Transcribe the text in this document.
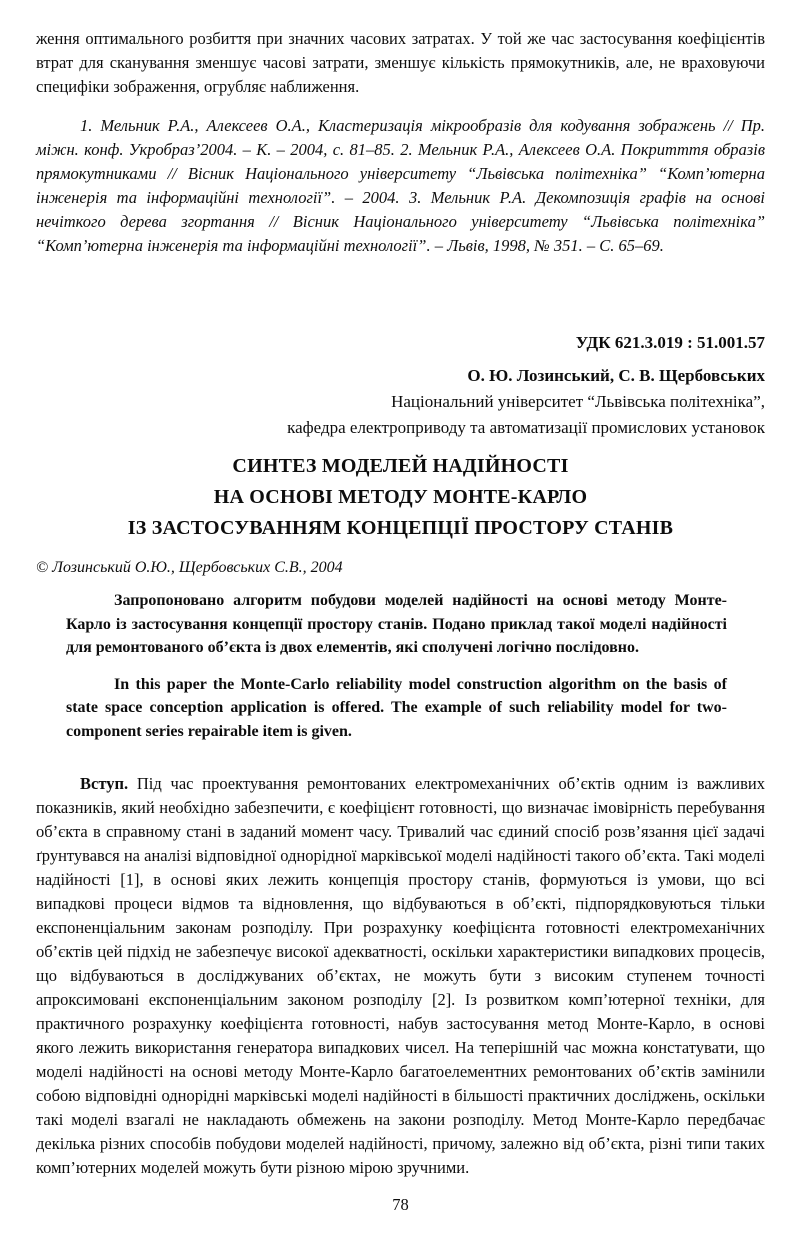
ження оптимального розбиття при значних часових затратах. У той же час застосування коефіцієнтів втрат для сканування зменшує часові затрати, зменшує кількість прямокутників, але, не враховуючи специфіки зображення, огрубляє наближення.

1. Мельник Р.А., Алексеев О.А., Кластеризація мікрообразів для кодування зображень // Пр. міжн. конф. Укробраз’2004. – К. – 2004, с. 81–85. 2. Мельник Р.А., Алексеев О.А. Покритття образів прямокутниками // Вісник Національного університету “Львівська політехніка” “Комп’ютерна інженерія та інформаційні технології”. – 2004. 3. Мельник Р.А. Декомпозиція графів на основі нечіткого дерева згортання // Вісник Національного університету “Львівська політехніка” “Комп’ютерна інженерія та інформаційні технології”. – Львів, 1998, № 351. – С. 65–69.

УДК 621.3.019 : 51.001.57
О. Ю. Лозинський, С. В. Щербовських
Національний університет “Львівська політехніка”,
кафедра електроприводу та автоматизації промислових установок
СИНТЕЗ МОДЕЛЕЙ НАДІЙНОСТІ
НА ОСНОВІ МЕТОДУ МОНТЕ-КАРЛО
ІЗ ЗАСТОСУВАННЯМ КОНЦЕПЦІЇ ПРОСТОРУ СТАНІВ

© Лозинський О.Ю., Щербовських С.В., 2004

Запропоновано алгоритм побудови моделей надійності на основі методу Монте-Карло із застосування концепції простору станів. Подано приклад такої моделі надійності для ремонтованого об’єкта із двох елементів, які сполучені логічно послідовно.

In this paper the Monte-Carlo reliability model construction algorithm on the basis of state space conception application is offered. The example of such reliability model for two-component series repairable item is given.

Вступ. Під час проектування ремонтованих електромеханічних об’єктів одним із важливих показників, який необхідно забезпечити, є коефіцієнт готовності, що визначає імовірність перебування об’єкта в справному стані в заданий момент часу. Тривалий час єдиний спосіб розв’язання цієї задачі ґрунтувався на аналізі відповідної однорідної марківської моделі надійності такого об’єкта. Такі моделі надійності [1], в основі яких лежить концепція простору станів, формуються із умови, що всі випадкові процеси відмов та відновлення, що відбуваються в об’єкті, підпорядковуються тільки експоненціальним законам розподілу. При розрахунку коефіцієнта готовності електромеханічних об’єктів цей підхід не забезпечує високої адекватності, оскільки характеристики випадкових процесів, що відбуваються в досліджуваних об’єктах, не можуть бути з високим ступенем точності апроксимовані експоненціальним законом розподілу [2]. Із розвитком комп’ютерної техніки, для практичного розрахунку коефіцієнта готовності, набув застосування метод Монте-Карло, в основі якого лежить використання генератора випадкових чисел. На теперішній час можна констатувати, що моделі надійності на основі методу Монте-Карло багатоелементних ремонтованих об’єктів замінили собою відповідні однорідні марківські моделі надійності в більшості практичних досліджень, оскільки такі моделі взагалі не накладають обмежень на закони розподілу. Метод Монте-Карло передбачає декілька різних способів побудови моделей надійності, причому, залежно від об’єкта, різні типи таких комп’ютерних моделей можуть бути різною мірою зручними.

78
